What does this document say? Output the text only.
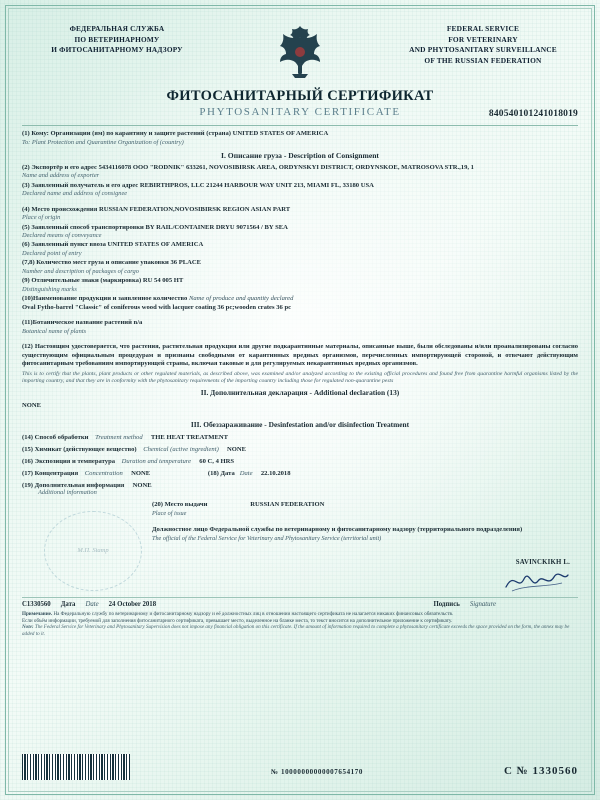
ФЕДЕРАЛЬНАЯ СЛУЖБА
ПО ВЕТЕРИНАРНОМУ
И ФИТОСАНИТАРНОМУ НАДЗОРУ
FEDERAL SERVICE
FOR VETERINARY
AND PHYTOSANITARY SURVEILLANCE
OF THE RUSSIAN FEDERATION
ФИТОСАНИТАРНЫЙ СЕРТИФИКАТ
PHYTOSANITARY CERTIFICATE	840540101241018019
(1) Кому: Организации (ям) по карантину и защите растений (страна) UNITED STATES OF AMERICA
To: Plant Protection and Quarantine Organization of (country)
I. Описание груза - Description of Consignment
(2) Экспортёр и его адрес 5434116078 ООО "RODNIK" 633261, NOVOSIBIRSK AREA, ORDYNSKYI DISTRICT, ORDYNSKOE, MATROSOVA STR.,19, 1
Name and address of exporter
(3) Заявленный получатель и его адрес REBIRTHPROS, LLC 21244 HARBOUR WAY UNIT 213, MIAMI FL, 33180 USA
Declared name and address of consignee
(4) Место происхождения RUSSIAN FEDERATION,NOVOSIBIRSK REGION ASIAN PART
Place of origin
(5) Заявленный способ транспортировки BY RAIL/CONTAINER DRYU 9071564 / BY SEA
Declared means of conveyance
(6) Заявленный пункт ввоза UNITED STATES OF AMERICA
Declared point of entry
(7,8) Количество мест груза и описание упаковки 36 PLACE
Number and description of packages of cargo
(9) Отличительные знаки (маркировка) RU 54 005 НТ
Distinguishing marks
(10)Наименование продукции и заявленное количество Name of produce and quantity declared
Oval Fytho-barrel "Classic" of coniferous wood with lacquer coating 36 pc;wooden crates 36 pc
(11)Ботаническое название растений n/a
Botanical name of plants
(12) Настоящим удостоверяется, что растения, растительная продукция или другие подкарантинные материалы, описанные выше, были обследованы и/или проанализированы согласно существующим официальным процедурам и признаны свободными от карантинных вредных организмов, перечисленных импортирующей стороной, и отвечают действующим фитосанитарным требованиям импортирующей страны, включая таковые и для регулируемых некарантинных вредных организмов.
This is to certify that the plants, plant products or other regulated materials, as described above, was examined and/or analyzed according to the existing official procedures and found free from quarantine harmful organisms listed by the importing country, and that they are in conformity with the phytosanitary requirements of the importing country including those for regulated non-quarantine pests
II. Дополнительная декларация - Additional declaration (13)
NONE
III. Обеззараживание - Desinfestation and/or disinfection Treatment
(14) Способ обработки Treatment method THE HEAT TREATMENT
(15) Химикат (действующее вещество) Chemical (active ingredient) NONE
(16) Экспозиция и температура Duration and temperature 60 C, 4 HRS
(17) Концентрация Concentration NONE	(18) Дата Date 22.10.2018
(19) Дополнительная информация NONE
Additional information
М.П. Stamp
(20) Место выдачи	RUSSIAN FEDERATION
Place of issue
Должностное лицо Федеральной службы по ветеринарному и фитосанитарному надзору (территориального подразделения)
The official of the Federal Service for Veterinary and Phytosanitary Service (territorial unit)
SAVINCKIKH L.
C1330560 Дата Date 24 October 2018	Подпись Signature
Примечание. На Федеральную службу по ветеринарному и фитосанитарному надзору и её должностных лиц в отношении настоящего сертификата не налагается никаких финансовых обязательств.
Если объём информации, требуемой для заполнения фитосанитарного сертификата, превышает место, выделенное на бланке места, то текст вносится на дополнительное приложение к сертификату.
Note: The Federal Service for Veterinary and Phytosanitary Supervision does not impose any financial obligation on this certificate. If the amount of information required to complete a phytosanitary certificate exceeds the space provided on the form, the annex may be added to it.
№ 10000000000007654170	С № 1330560
